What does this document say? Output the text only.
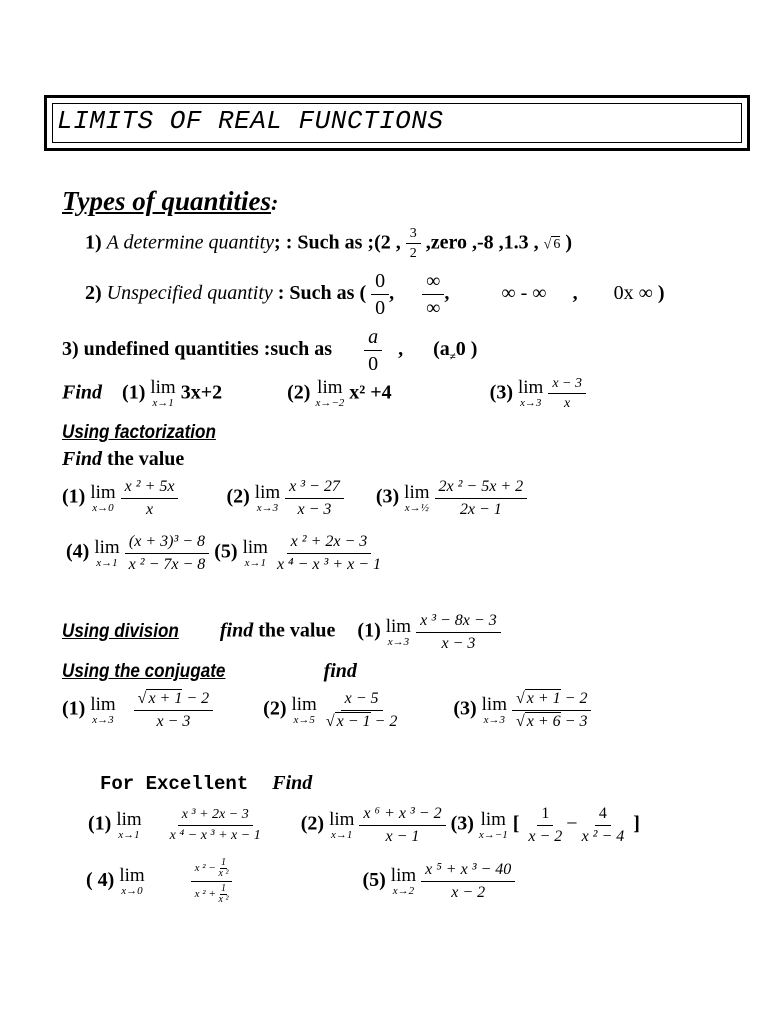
LIMITS OF REAL FUNCTIONS
Types of quantities:
1) A determine quantity; : Such as ;(2 , $\frac{3}{2}$ ,zero ,-8 ,1.3 , √ 6 )
2) Unspecified quantity : Such as ( $\frac{0}{0}$ , $\frac{\infty}{\infty}$ ,	∞ - ∞ , 0x ∞ )
3) undefined quantities :such as $\frac{a}{0}$ , ($a_\ne 0$ )
Find (1) lim
x→1 3x+2	(2) lim
x→−2 x² +4	(3) lim
x→3
$\frac{x - 3}{x}$
Using factorization
Find the value
(1) lim
x→0
$\frac{\text{x ² + 5x}}{x} (2)$ lim
x→3
$\frac{\text{x ³ − 27}}{x - 3} (3)$ lim
x→½
$\frac{\text{2x ² − 5x + 2}}{2x - 1}$
(4) lim
x→1
$\frac{\text{(x + 3)³ − 8}}{\text{x ² − 7x − 8}} (5)$ lim
x→1
$\frac{\text{x ² + 2x − 3}}{\text{x ⁴ − x ³ + x − 1}}$
Using division find the value (1) lim
x→3
$\frac{\text{x ³ − 8x − 3}}{x - 3}$
Using the conjugate	find
(1) lim
x→3
$\frac{√ x + 1 - 2}{x - 3}$	(2) lim
x→5
$\frac{x - 5}{√ x - 1 - 2}$	(3) lim
x→3
$\frac{√ x + 1 - 2}{√ x + 6 - 3}$
For Excellent Find
(1) lim
x→1
$\frac{\text{x ³ + 2x − 3}}{\text{x ⁴ − x ³ + x − 1}} (2)$ lim
x→1
$\frac{\text{x ⁶ + x ³ − 2}}{x - 1} (3)$ lim
x→−1 [ $\frac{1}{x - 2} - \frac{4}{\text{x ² − 4}}$ ]
( 4) lim
x→0
	$\frac{x ^2 - \frac{1}{\text{x ²}}}{x ^2 + \frac{1}{\text{x ²}}}$	(5) lim
x→2
$\frac{\text{x ⁵ + x ³ − 40}}{x - 2}$
